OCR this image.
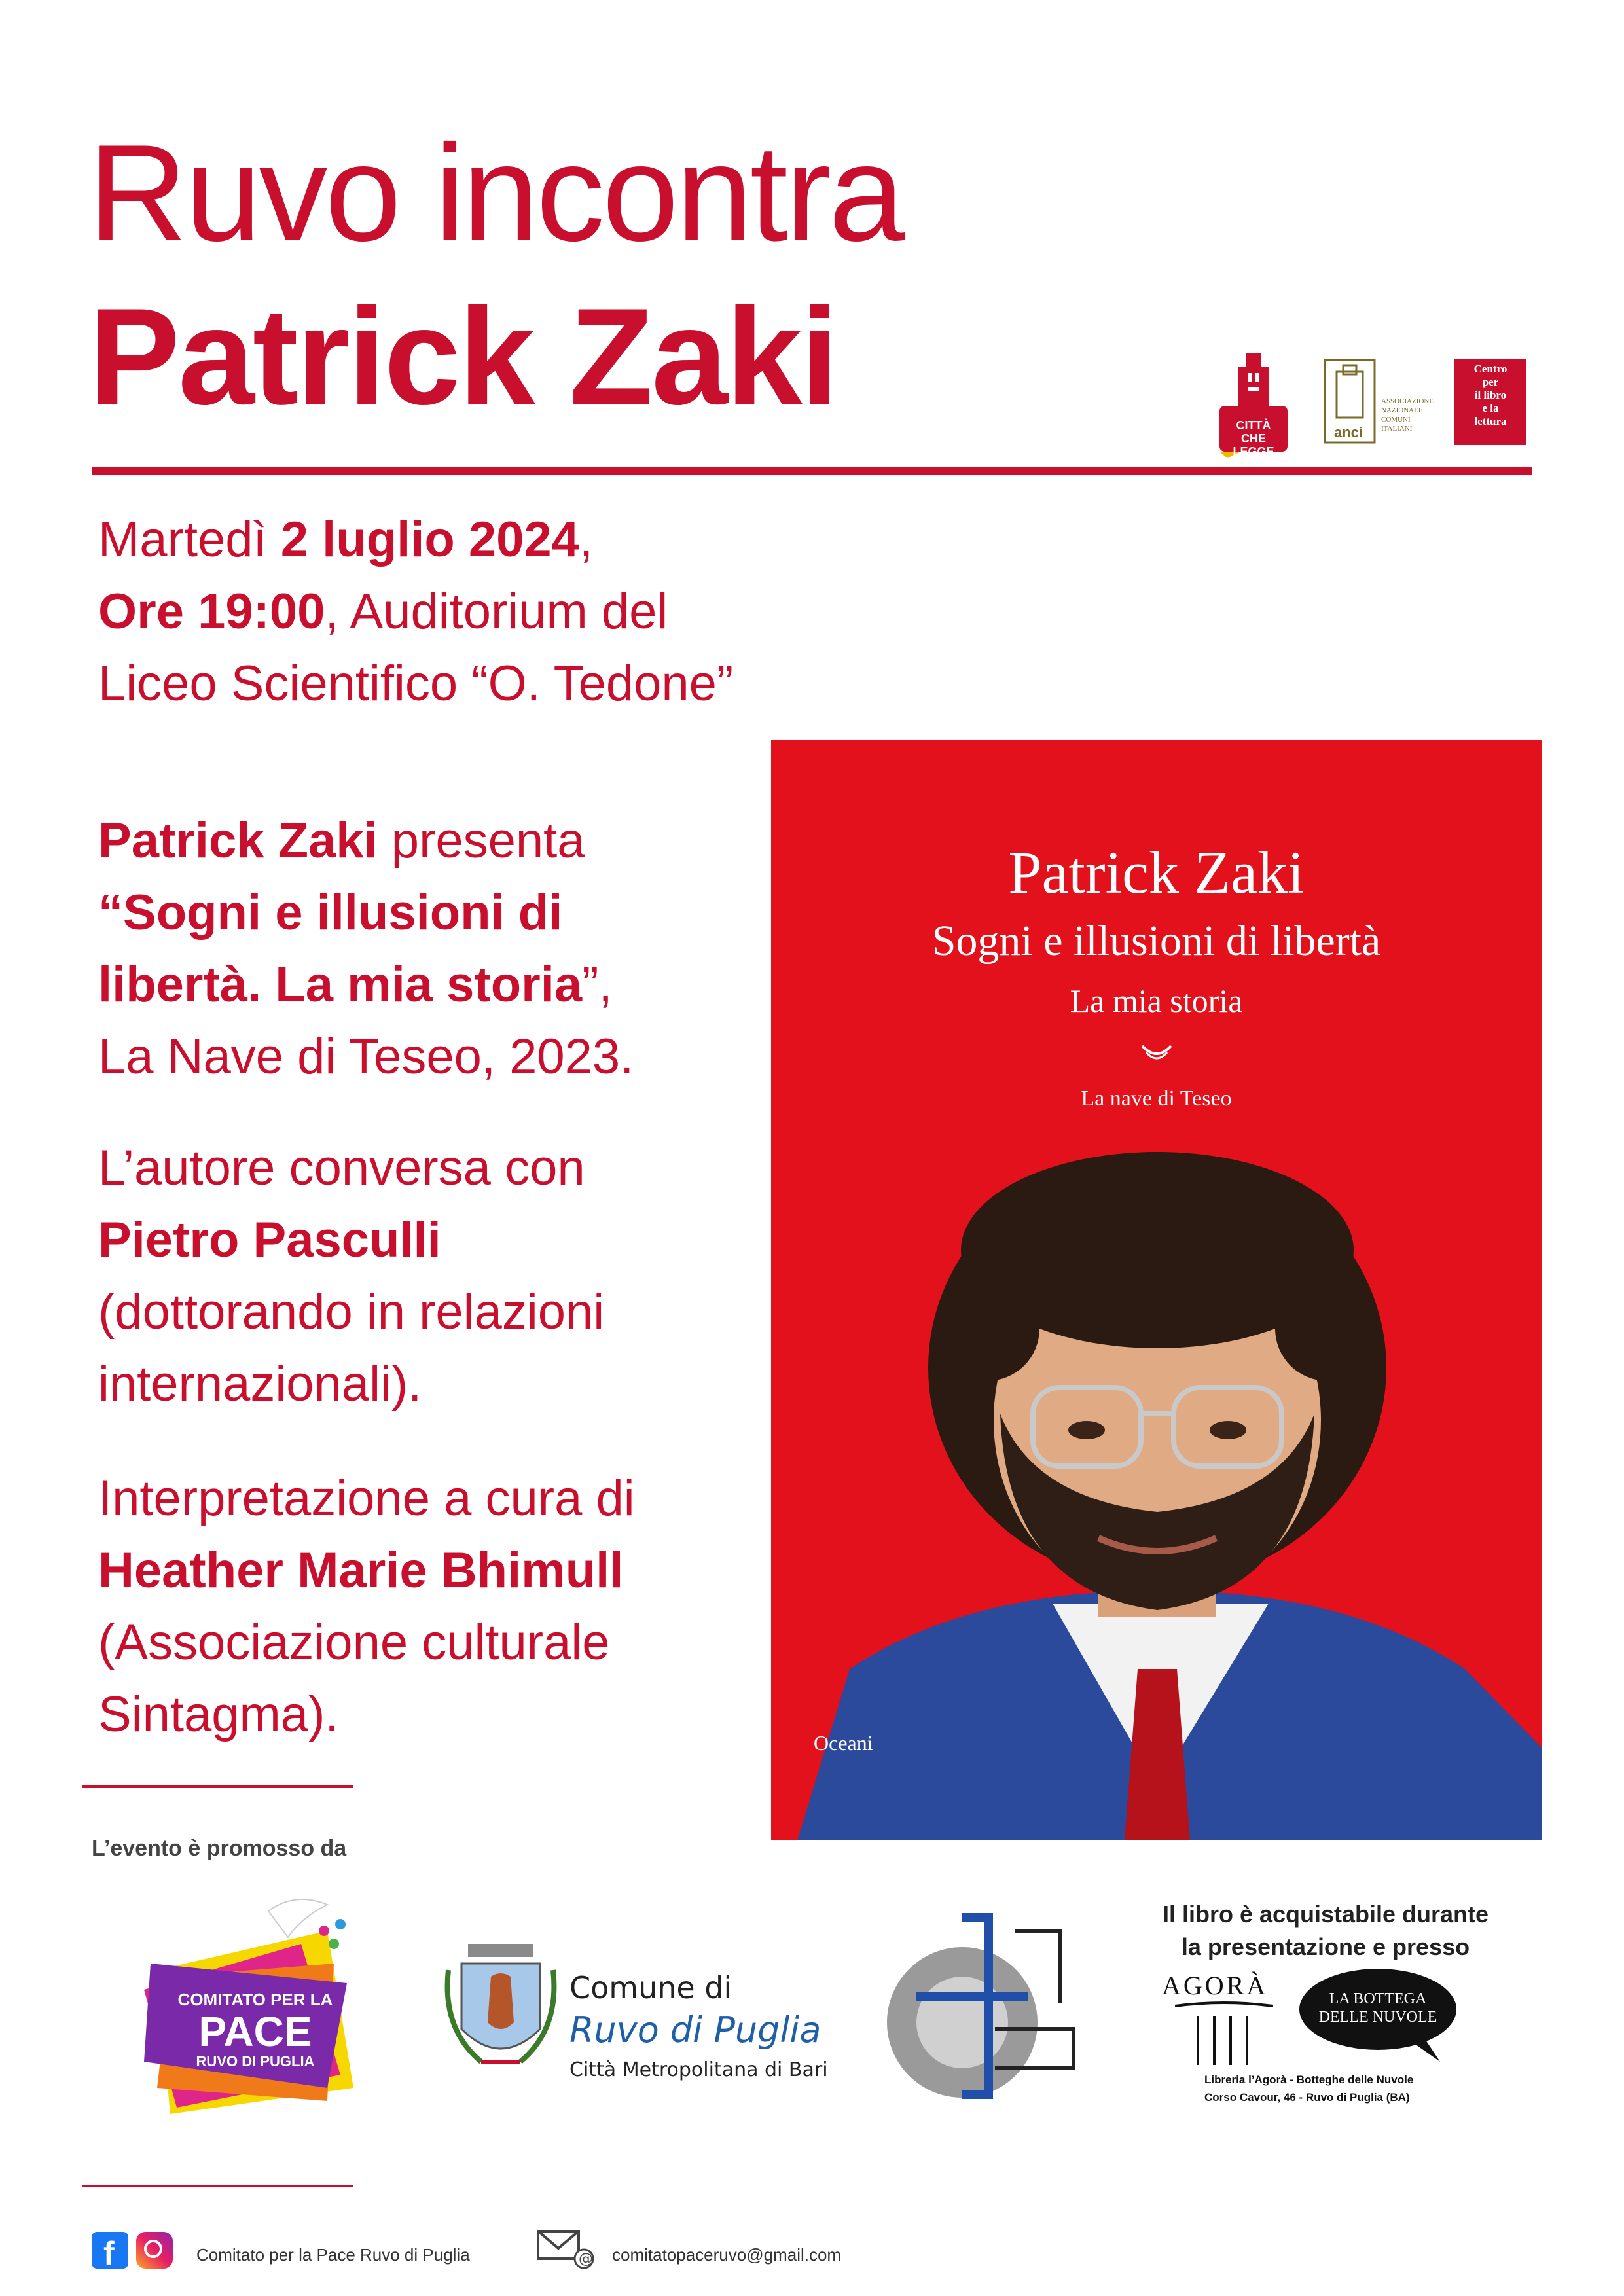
Ruvo incontra
Patrick Zaki	CITTÀ CHE LEGGE
anci
ASSOCIAZIONE
NAZIONALE
COMUNI
ITALIANI
Centro
per
il libro
e la
lettura
Martedì 2 luglio 2024,
Ore 19:00, Auditorium del
Liceo Scientifico “O. Tedone”
Patrick Zaki presenta
“Sogni e illusioni di
libertà. La mia storia”,
La Nave di Teseo, 2023.
L’autore conversa con
Pietro Pasculli
(dottorando in relazioni
internazionali).
Interpretazione a cura di
Heather Marie Bhimull
(Associazione culturale
Sintagma).
Patrick Zaki
Sogni e illusioni di libertà
La mia storia
La nave di Teseo
Oceani
L’evento è promosso da
COMITATO PER LA
PACE
RUVO DI PUGLIA
Comune di
Ruvo di Puglia
Città Metropolitana di Bari
Il libro è acquistabile durante
la presentazione e presso
AGORÀ	LA BOTTEGA
DELLE NUVOLE
Libreria l’Agorà - Botteghe delle Nuvole
Corso Cavour, 46 - Ruvo di Puglia (BA)
f	Comitato per la Pace Ruvo di Puglia	@ comitatopaceruvo@gmail.com
